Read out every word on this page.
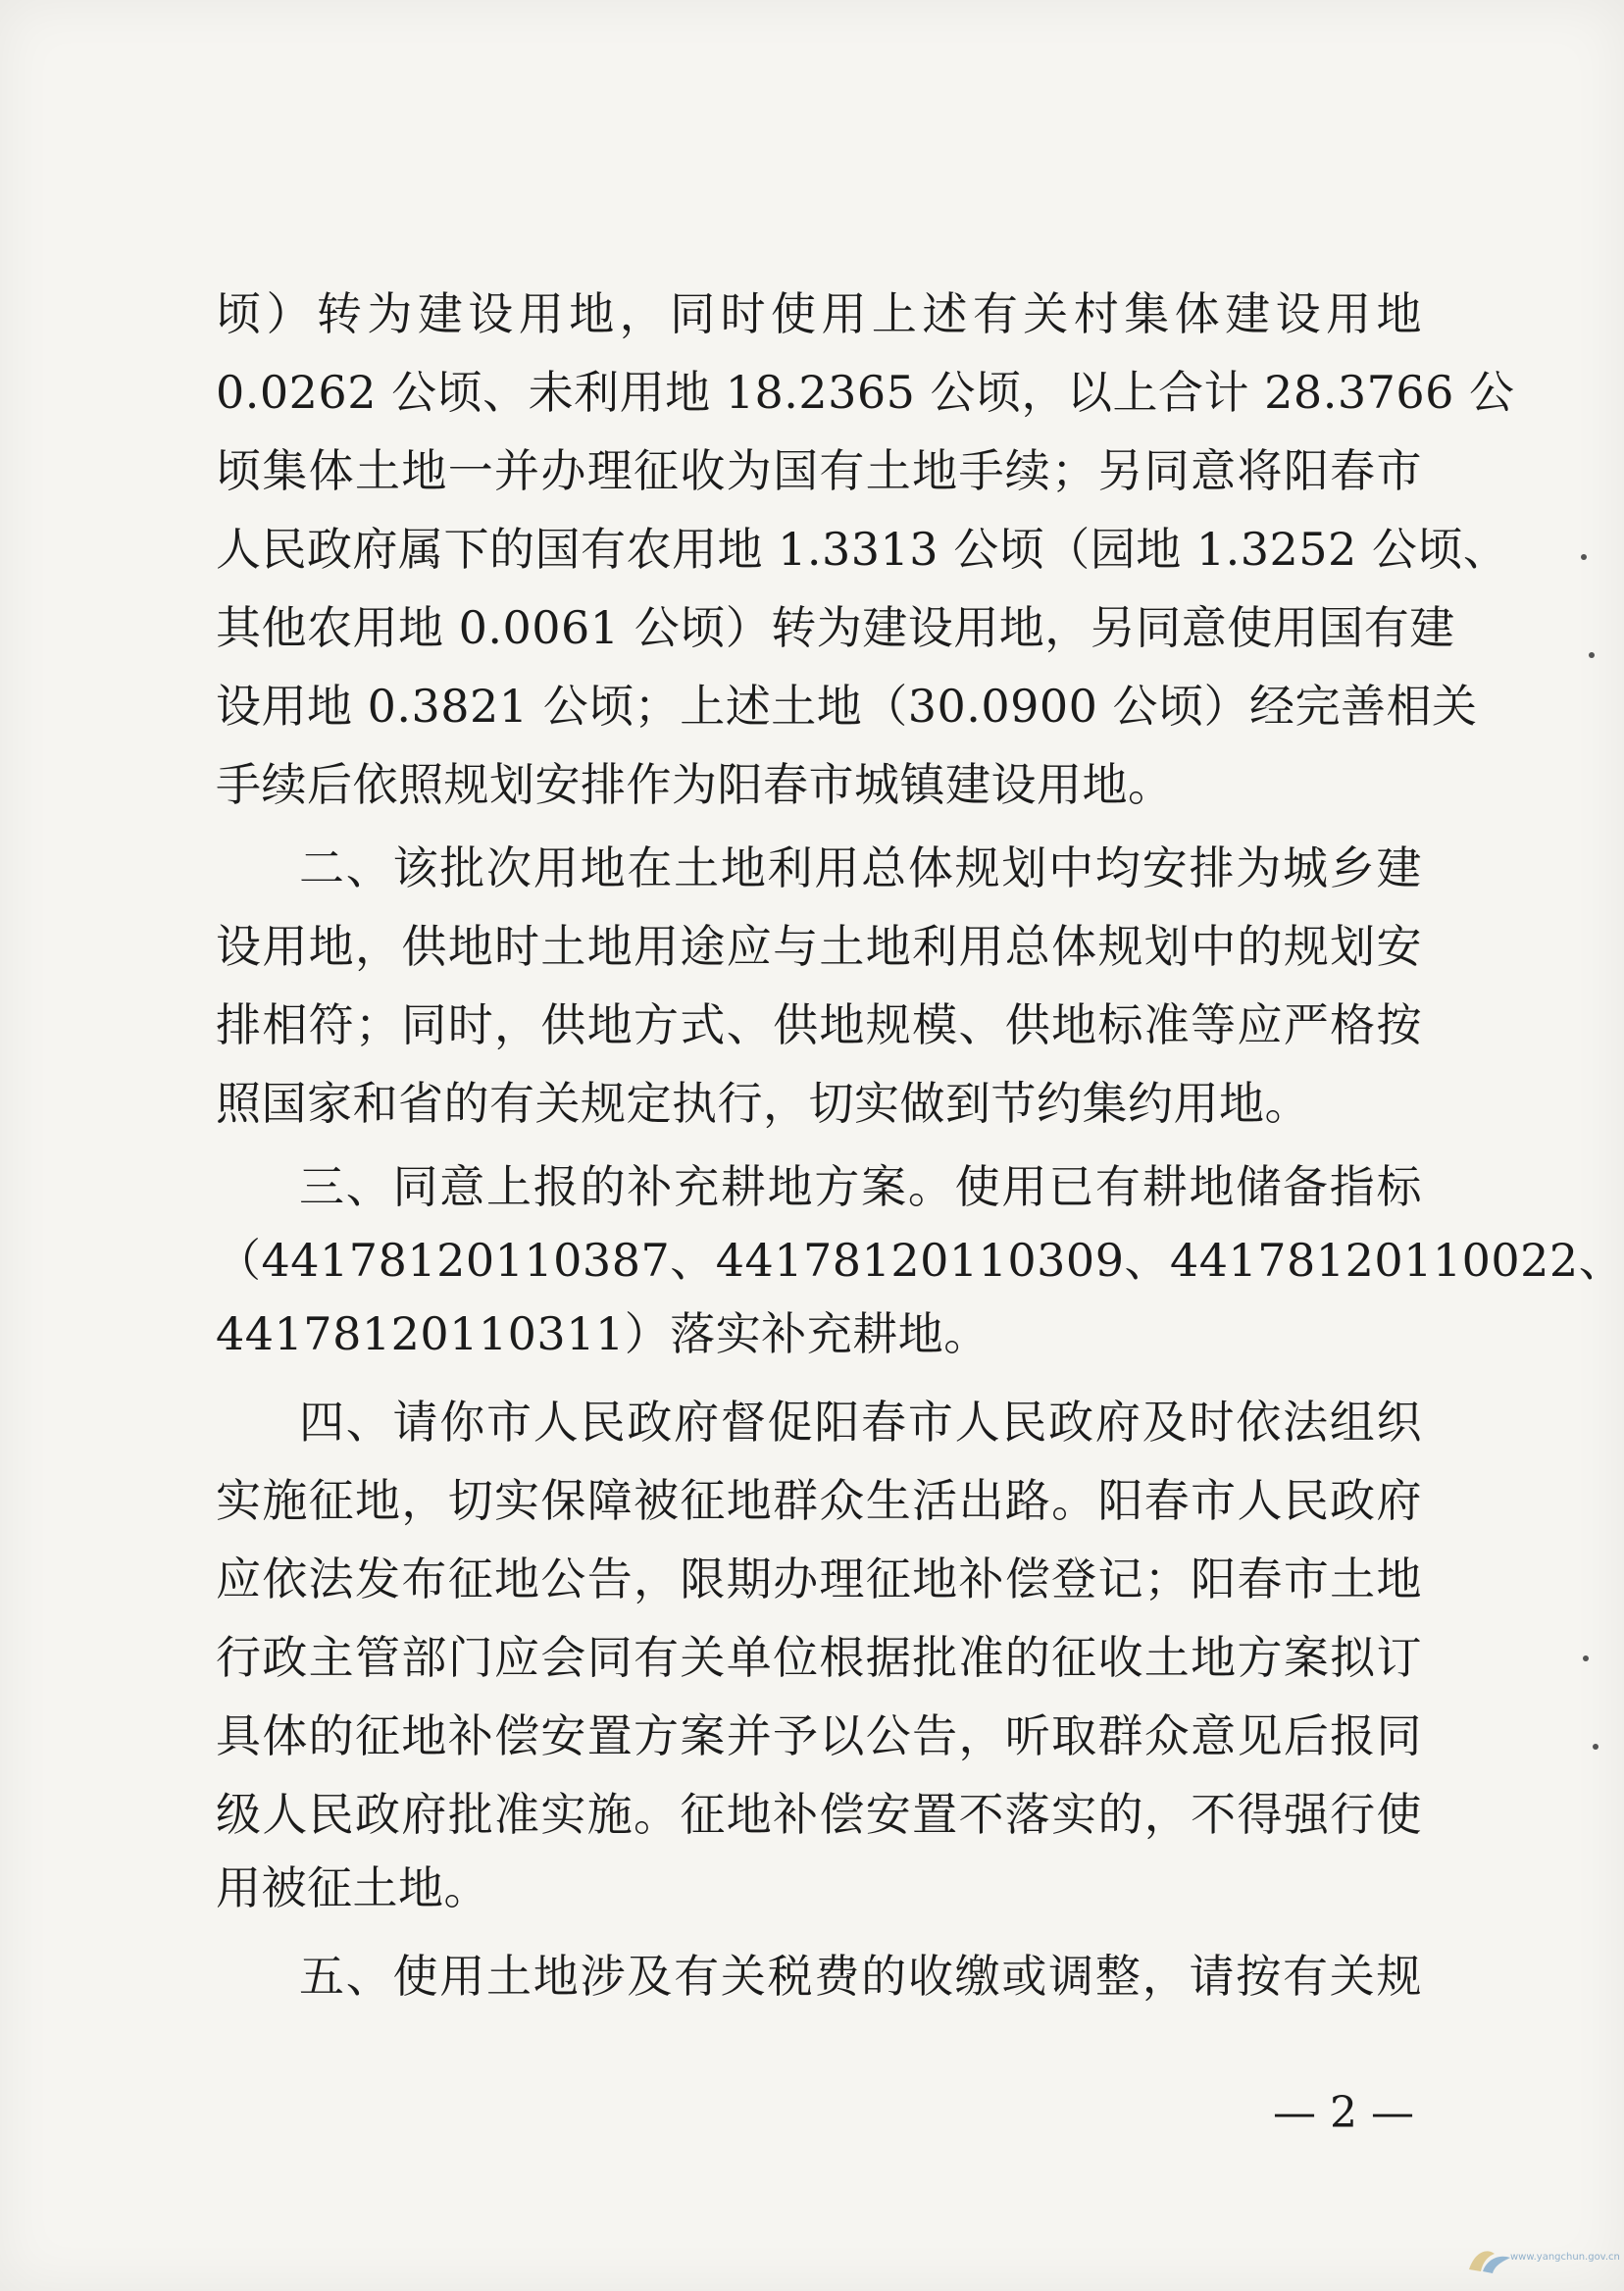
顷）转为建设用地，同时使用上述有关村集体建设用地

0.0262 公顷、未利用地 18.2365 公顷，以上合计 28.3766 公

顷集体土地一并办理征收为国有土地手续；另同意将阳春市

人民政府属下的国有农用地 1.3313 公顷（园地 1.3252 公顷、

其他农用地 0.0061 公顷）转为建设用地，另同意使用国有建

设用地 0.3821 公顷；上述土地（30.0900 公顷）经完善相关

手续后依照规划安排作为阳春市城镇建设用地。

二、该批次用地在土地利用总体规划中均安排为城乡建

设用地，供地时土地用途应与土地利用总体规划中的规划安

排相符；同时，供地方式、供地规模、供地标准等应严格按

照国家和省的有关规定执行，切实做到节约集约用地。

三、同意上报的补充耕地方案。使用已有耕地储备指标

（44178120110387、44178120110309、44178120110022、

44178120110311）落实补充耕地。

四、请你市人民政府督促阳春市人民政府及时依法组织

实施征地，切实保障被征地群众生活出路。阳春市人民政府

应依法发布征地公告，限期办理征地补偿登记；阳春市土地

行政主管部门应会同有关单位根据批准的征收土地方案拟订

具体的征地补偿安置方案并予以公告，听取群众意见后报同

级人民政府批准实施。征地补偿安置不落实的，不得强行使

用被征土地。

五、使用土地涉及有关税费的收缴或调整，请按有关规

— 2 —
www.yangchun.gov.cn
